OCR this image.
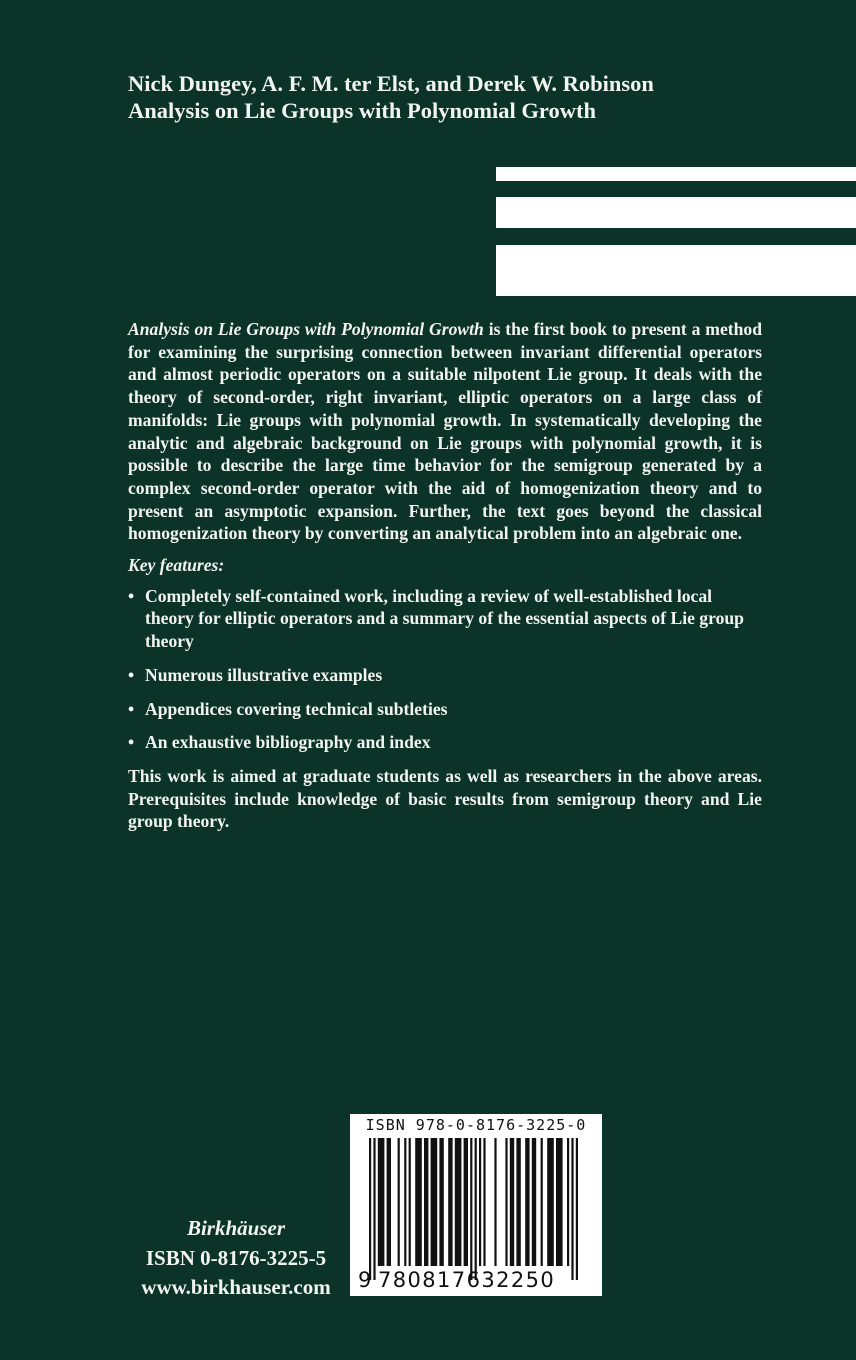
Nick Dungey, A. F. M. ter Elst, and Derek W. Robinson
Analysis on Lie Groups with Polynomial Growth

Analysis on Lie Groups with Polynomial Growth is the first book to present a method for examining the surprising connection between invariant differential operators and almost periodic operators on a suitable nilpotent Lie group. It deals with the theory of second-order, right invariant, elliptic operators on a large class of manifolds: Lie groups with polynomial growth. In systematically developing the analytic and algebraic background on Lie groups with polynomial growth, it is possible to describe the large time behavior for the semigroup generated by a complex second-order operator with the aid of homogenization theory and to present an asymptotic expansion. Further, the text goes beyond the classical homogenization theory by converting an analytical problem into an algebraic one.

Key features:

• Completely self-contained work, including a review of well-established local theory for elliptic operators and a summary of the essential aspects of Lie group theory
• Numerous illustrative examples
• Appendices covering technical subtleties
• An exhaustive bibliography and index

This work is aimed at graduate students as well as researchers in the above areas. Prerequisites include knowledge of basic results from semigroup theory and Lie group theory.

Birkhäuser
ISBN 0-8176-3225-5
www.birkhauser.com
ISBN 978-0-8176-3225-0
9 780817632250
